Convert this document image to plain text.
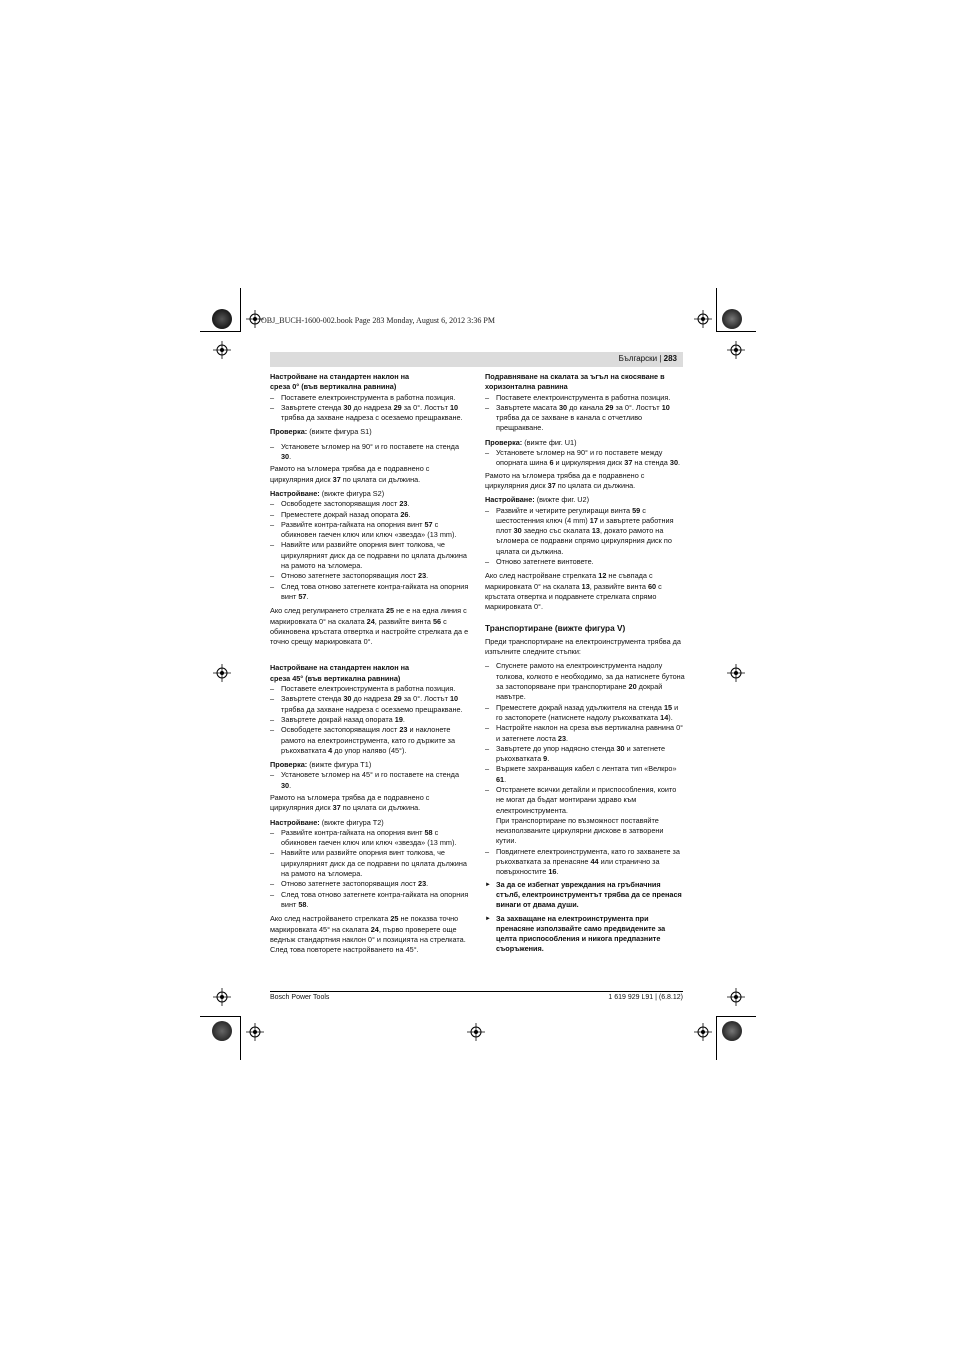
OBJ_BUCH-1600-002.book Page 283 Monday, August 6, 2012 3:36 PM
Български | 283

Настройване на стандартен наклон на
среза 0° (във вертикална равнина)

– Поставете електроинструмента в работна позиция.

– Завъртете стенда 30 до надреза 29 за 0°. Лостът 10 трябва да захване надреза с осезаемо прещракване.

Проверка: (вижте фигура S1)

– Установете ъгломер на 90° и го поставете на стенда 30.

Рамото на ъгломера трябва да е подравнено с циркулярния диск 37 по цялата си дължина.

Настройване: (вижте фигура S2)

– Освободете застопоряващия лост 23.

– Преместете докрай назад опората 26.

– Развийте контра-гайката на опорния винт 57 с обикновен гаечен ключ или ключ «звезда» (13 mm).

– Навийте или развийте опорния винт толкова, че циркулярният диск да се подравни по цялата дължина на рамото на ъгломера.

– Отново затегнете застопоряващия лост 23.

– След това отново затегнете контра-гайката на опорния винт 57.

Ако след регулирането стрелката 25 не е на една линия с маркировката 0° на скалата 24, развийте винта 56 с обикновена кръстата отвертка и настройте стрелката да е точно срещу маркировката 0°.

Настройване на стандартен наклон на
среза 45° (във вертикална равнина)

– Поставете електроинструмента в работна позиция.

– Завъртете стенда 30 до надреза 29 за 0°. Лостът 10 трябва да захване надреза с осезаемо прещракване.

– Завъртете докрай назад опората 19.

– Освободете застопоряващия лост 23 и наклонете рамото на електроинструмента, като го държите за ръкохватката 4 до упор наляво (45°).

Проверка: (вижте фигура T1)

– Установете ъгломер на 45° и го поставете на стенда 30.

Рамото на ъгломера трябва да е подравнено с циркулярния диск 37 по цялата си дължина.

Настройване: (вижте фигура T2)

– Развийте контра-гайката на опорния винт 58 с обикновен гаечен ключ или ключ «звезда» (13 mm).

– Навийте или развийте опорния винт толкова, че циркулярният диск да се подравни по цялата дължина на рамото на ъгломера.

– Отново затегнете застопоряващия лост 23.

– След това отново затегнете контра-гайката на опорния винт 58.

Ако след настройването стрелката 25 не показва точно маркировката 45° на скалата 24, първо проверете още веднъж стандартния наклон 0° и позицията на стрелката. След това повторете настройването на 45°.

Подравняване на скалата за ъгъл на скосяване в
хоризонтална равнина

– Поставете електроинструмента в работна позиция.

– Завъртете масата 30 до канала 29 за 0°. Лостът 10 трябва да се захване в канала с отчетливо прещракване.

Проверка: (вижте фиг. U1)

– Установете ъгломер на 90° и го поставете между опорната шина 6 и циркулярния диск 37 на стенда 30.

Рамото на ъгломера трябва да е подравнено с циркулярния диск 37 по цялата си дължина.

Настройване: (вижте фиг. U2)

– Развийте и четирите регулиращи винта 59 с шестостенния ключ (4 mm) 17 и завъртете работния плот 30 заедно със скалата 13, докато рамото на ъгломера се подравни спрямо циркулярния диск по цялата си дължина.

– Отново затегнете винтовете.

Ако след настройване стрелката 12 не съвпада с маркировката 0° на скалата 13, развийте винта 60 с кръстата отвертка и подравнете стрелката спрямо маркировката 0°.

Транспортиране (вижте фигура V)

Преди транспортиране на електроинструмента трябва да изпълните следните стъпки:

– Спуснете рамото на електроинструмента надолу толкова, колкото е необходимо, за да натиснете бутона за застопоряване при транспортиране 20 докрай навътре.

– Преместете докрай назад удължителя на стенда 15 и го застопорете (натиснете надолу ръкохватката 14).

– Настройте наклон на среза във вертикална равнина 0° и затегнете лоста 23.

– Завъртете до упор надясно стенда 30 и затегнете ръкохватката 9.

– Вържете захранващия кабел с лентата тип «Велкро» 61.

– Отстранете всички детайли и приспособления, които не могат да бъдат монтирани здраво към електроинструмента.
При транспортиране по възможност поставяйте неизползваните циркулярни дискове в затворени кутии.

– Повдигнете електроинструмента, като го захванете за ръкохватката за пренасяне 44 или странично за повърхностите 16.

► За да се избегнат увреждания на гръбначния стълб, електроинструментът трябва да се пренася винаги от двама души.

► За захващане на електроинструмента при пренасяне използвайте само предвидените за целта приспособления и никога предпазните съоръжения.

Bosch Power Tools	1 619 929 L91 | (6.8.12)
